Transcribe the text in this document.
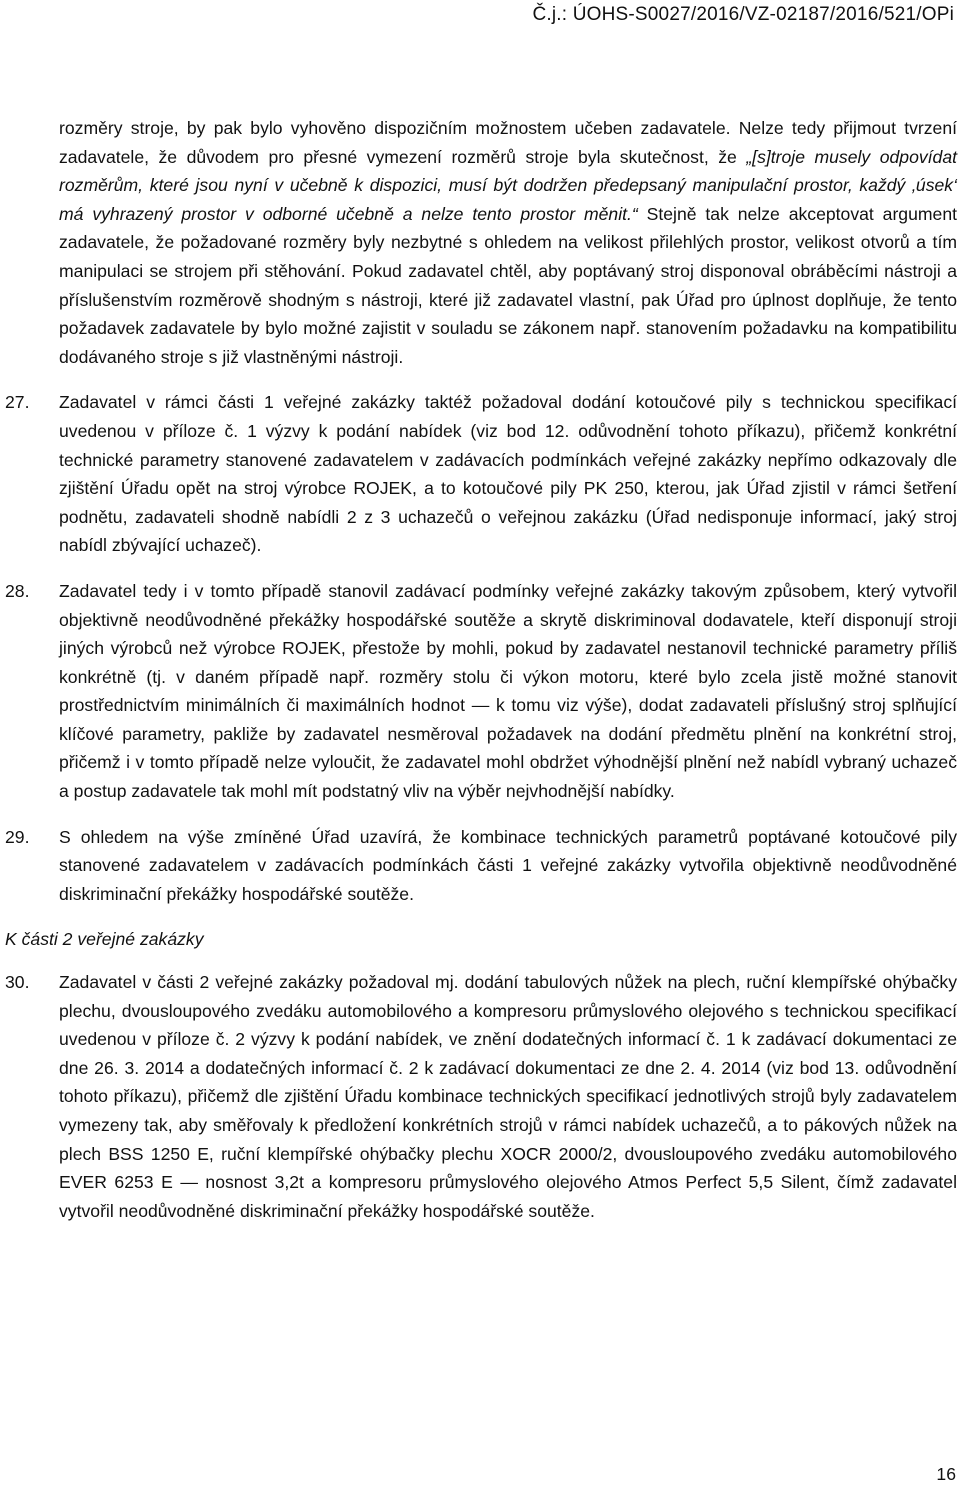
Č.j.: ÚOHS-S0027/2016/VZ-02187/2016/521/OPi

rozměry stroje, by pak bylo vyhověno dispozičním možnostem učeben zadavatele. Nelze tedy přijmout tvrzení zadavatele, že důvodem pro přesné vymezení rozměrů stroje byla skutečnost, že „[s]troje musely odpovídat rozměrům, které jsou nyní v učebně k dispozici, musí být dodržen předepsaný manipulační prostor, každý ‚úsek‘ má vyhrazený prostor v odborné učebně a nelze tento prostor měnit.“ Stejně tak nelze akceptovat argument zadavatele, že požadované rozměry byly nezbytné s ohledem na velikost přilehlých prostor, velikost otvorů a tím manipulaci se strojem při stěhování. Pokud zadavatel chtěl, aby poptávaný stroj disponoval obráběcími nástroji a příslušenstvím rozměrově shodným s nástroji, které již zadavatel vlastní, pak Úřad pro úplnost doplňuje, že tento požadavek zadavatele by bylo možné zajistit v souladu se zákonem např. stanovením požadavku na kompatibilitu dodávaného stroje s již vlastněnými nástroji.

27. Zadavatel v rámci části 1 veřejné zakázky taktéž požadoval dodání kotoučové pily s technickou specifikací uvedenou v příloze č. 1 výzvy k podání nabídek (viz bod 12. odůvodnění tohoto příkazu), přičemž konkrétní technické parametry stanovené zadavatelem v zadávacích podmínkách veřejné zakázky nepřímo odkazovaly dle zjištění Úřadu opět na stroj výrobce ROJEK, a to kotoučové pily PK 250, kterou, jak Úřad zjistil v rámci šetření podnětu, zadavateli shodně nabídli 2 z 3 uchazečů o veřejnou zakázku (Úřad nedisponuje informací, jaký stroj nabídl zbývající uchazeč).

28. Zadavatel tedy i v tomto případě stanovil zadávací podmínky veřejné zakázky takovým způsobem, který vytvořil objektivně neodůvodněné překážky hospodářské soutěže a skrytě diskriminoval dodavatele, kteří disponují stroji jiných výrobců než výrobce ROJEK, přestože by mohli, pokud by zadavatel nestanovil technické parametry příliš konkrétně (tj. v daném případě např. rozměry stolu či výkon motoru, které bylo zcela jistě možné stanovit prostřednictvím minimálních či maximálních hodnot — k tomu viz výše), dodat zadavateli příslušný stroj splňující klíčové parametry, pakliže by zadavatel nesměroval požadavek na dodání předmětu plnění na konkrétní stroj, přičemž i v tomto případě nelze vyloučit, že zadavatel mohl obdržet výhodnější plnění než nabídl vybraný uchazeč a postup zadavatele tak mohl mít podstatný vliv na výběr nejvhodnější nabídky.

29. S ohledem na výše zmíněné Úřad uzavírá, že kombinace technických parametrů poptávané kotoučové pily stanovené zadavatelem v zadávacích podmínkách části 1 veřejné zakázky vytvořila objektivně neodůvodněné diskriminační překážky hospodářské soutěže.

K části 2 veřejné zakázky
30. Zadavatel v části 2 veřejné zakázky požadoval mj. dodání tabulových nůžek na plech, ruční klempířské ohýbačky plechu, dvousloupového zvedáku automobilového a kompresoru průmyslového olejového s technickou specifikací uvedenou v příloze č. 2 výzvy k podání nabídek, ve znění dodatečných informací č. 1 k zadávací dokumentaci ze dne 26. 3. 2014 a dodatečných informací č. 2 k zadávací dokumentaci ze dne 2. 4. 2014 (viz bod 13. odůvodnění tohoto příkazu), přičemž dle zjištění Úřadu kombinace technických specifikací jednotlivých strojů byly zadavatelem vymezeny tak, aby směřovaly k předložení konkrétních strojů v rámci nabídek uchazečů, a to pákových nůžek na plech BSS 1250 E, ruční klempířské ohýbačky plechu XOCR 2000/2, dvousloupového zvedáku automobilového EVER 6253 E — nosnost 3,2t a kompresoru průmyslového olejového Atmos Perfect 5,5 Silent, čímž zadavatel vytvořil neodůvodněné diskriminační překážky hospodářské soutěže.

16
